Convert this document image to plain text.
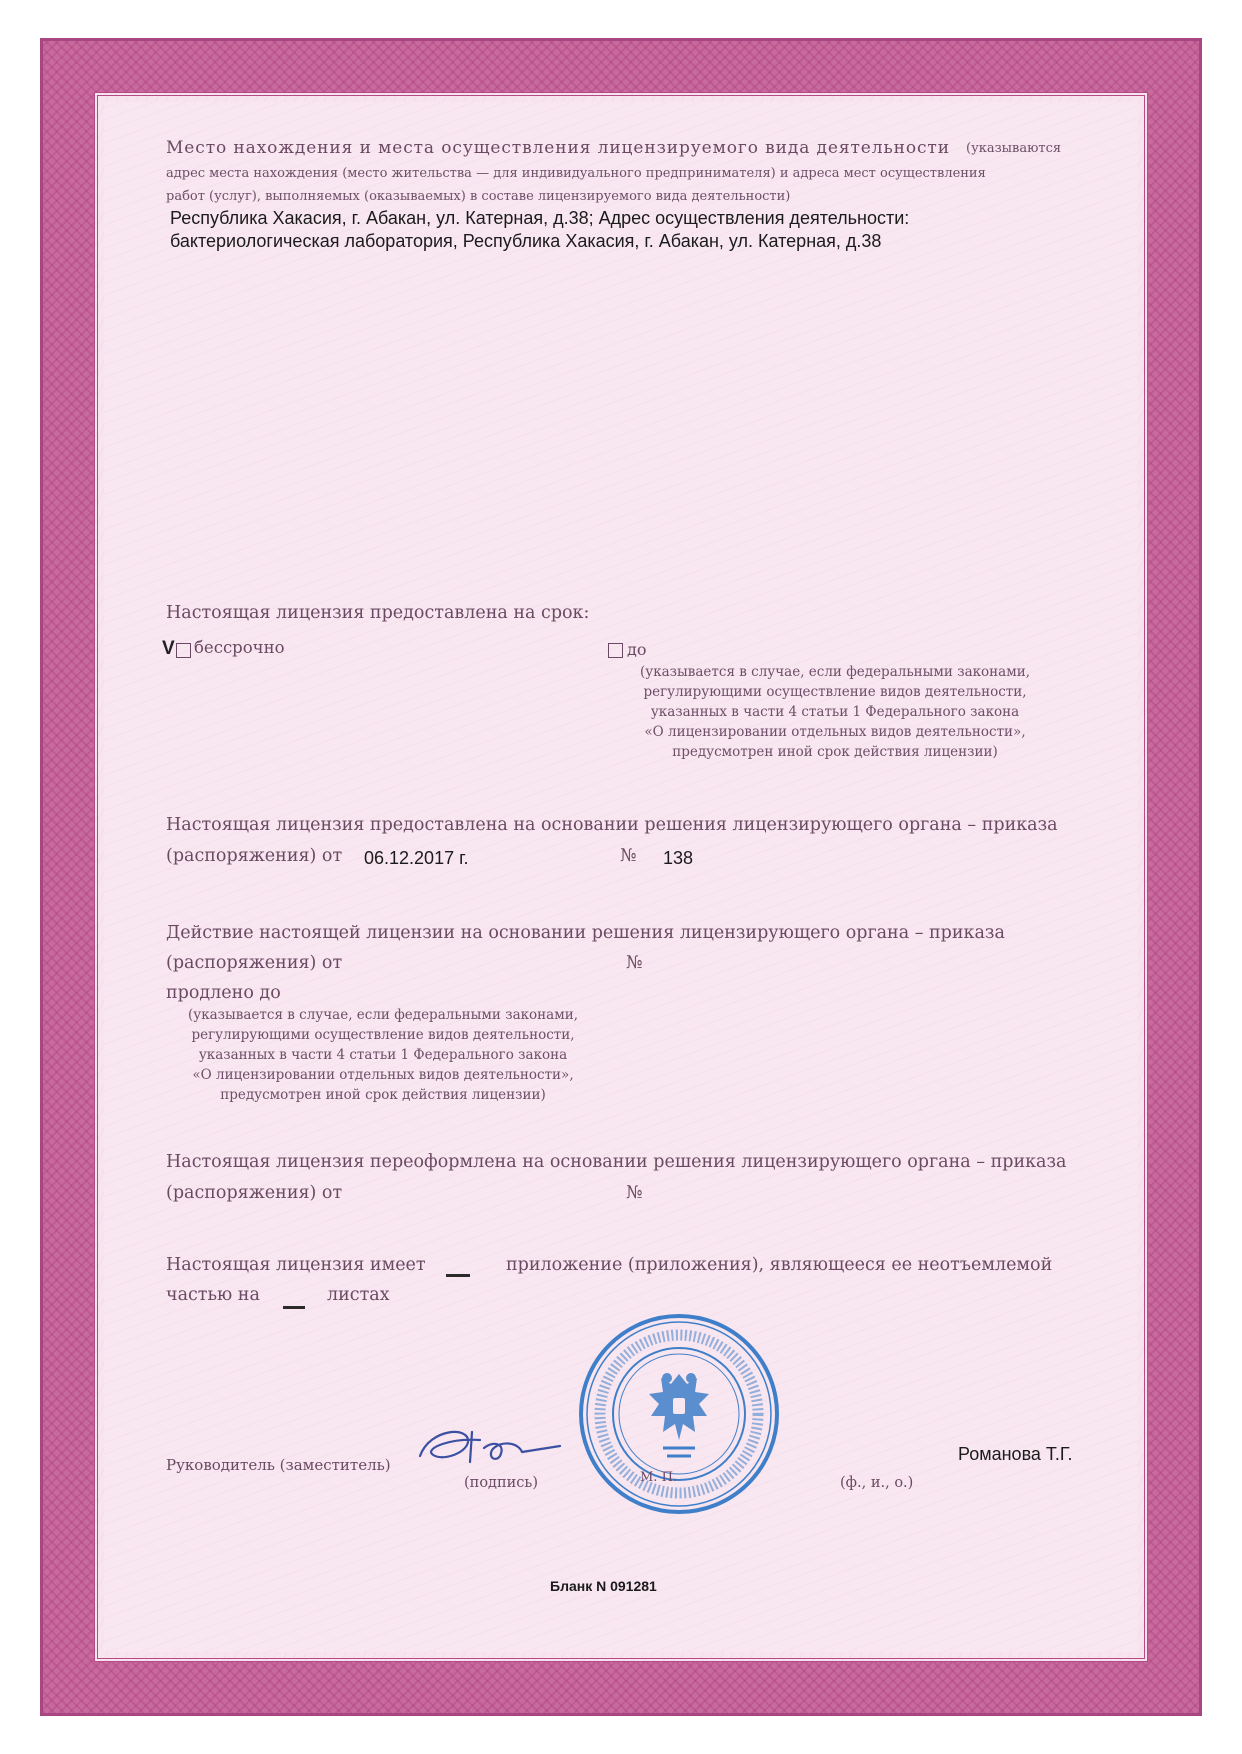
Место нахождения и места осуществления лицензируемого вида деятельности (указываются
адрес места нахождения (место жительства — для индивидуального предпринимателя) и адреса мест осуществления
работ (услуг), выполняемых (оказываемых) в составе лицензируемого вида деятельности)
Республика Хакасия, г. Абакан, ул. Катерная, д.38; Адрес осуществления деятельности:
бактериологическая лаборатория, Республика Хакасия, г. Абакан, ул. Катерная, д.38
Настоящая лицензия предоставлена на срок:
V бессрочно	до
(указывается в случае, если федеральными законами,
регулирующими осуществление видов деятельности,
указанных в части 4 статьи 1 Федерального закона
«О лицензировании отдельных видов деятельности»,
предусмотрен иной срок действия лицензии)
Настоящая лицензия предоставлена на основании решения лицензирующего органа – приказа
(распоряжения) от 06.12.2017 г.	№ 138
Действие настоящей лицензии на основании решения лицензирующего органа – приказа
(распоряжения) от	№
продлено до
(указывается в случае, если федеральными законами,
регулирующими осуществление видов деятельности,
указанных в части 4 статьи 1 Федерального закона
«О лицензировании отдельных видов деятельности»,
предусмотрен иной срок действия лицензии)
Настоящая лицензия переоформлена на основании решения лицензирующего органа – приказа
(распоряжения) от	№
Настоящая лицензия имеет	приложение (приложения), являющееся ее неотъемлемой
частью на	листах
Руководитель (заместитель)
(подпись)	М. П.	(ф., и., о.)
Романова Т.Г.
Бланк N 091281
